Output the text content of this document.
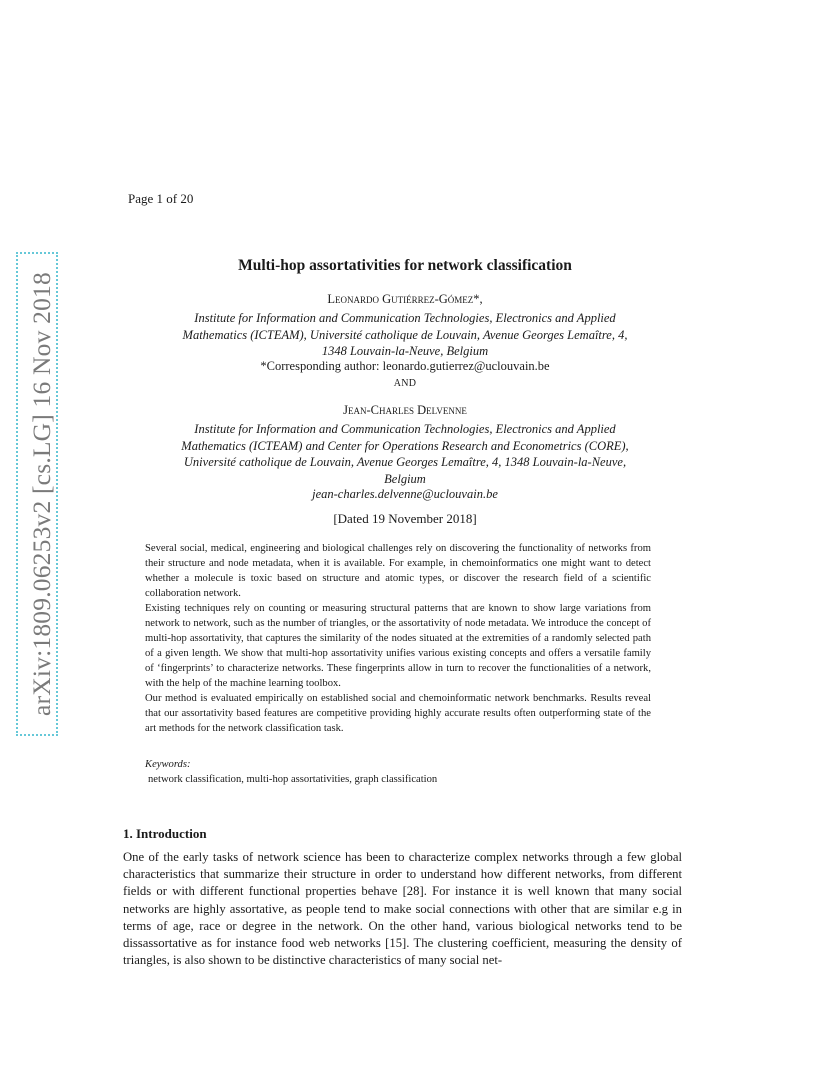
arXiv:1809.06253v2 [cs.LG] 16 Nov 2018
Page 1 of 20
Multi-hop assortativities for network classification
Leonardo Gutiérrez-Gómez*,
Institute for Information and Communication Technologies, Electronics and Applied
Mathematics (ICTEAM), Université catholique de Louvain, Avenue Georges Lemaître, 4,
1348 Louvain-la-Neuve, Belgium
*Corresponding author: leonardo.gutierrez@uclouvain.be
AND
Jean-Charles Delvenne
Institute for Information and Communication Technologies, Electronics and Applied
Mathematics (ICTEAM) and Center for Operations Research and Econometrics (CORE),
Université catholique de Louvain, Avenue Georges Lemaître, 4, 1348 Louvain-la-Neuve,
Belgium
jean-charles.delvenne@uclouvain.be
[Dated 19 November 2018]

Several social, medical, engineering and biological challenges rely on discovering the functionality of networks from their structure and node metadata, when it is available. For example, in chemoinformatics one might want to detect whether a molecule is toxic based on structure and atomic types, or discover the research field of a scientific collaboration network.

Existing techniques rely on counting or measuring structural patterns that are known to show large variations from network to network, such as the number of triangles, or the assortativity of node metadata. We introduce the concept of multi-hop assortativity, that captures the similarity of the nodes situated at the extremities of a randomly selected path of a given length. We show that multi-hop assortativity unifies various existing concepts and offers a versatile family of ‘fingerprints’ to characterize networks. These fingerprints allow in turn to recover the functionalities of a network, with the help of the machine learning toolbox.

Our method is evaluated empirically on established social and chemoinformatic network benchmarks. Results reveal that our assortativity based features are competitive providing highly accurate results often outperforming state of the art methods for the network classification task.

Keywords:
network classification, multi-hop assortativities, graph classification
1. Introduction

One of the early tasks of network science has been to characterize complex networks through a few global characteristics that summarize their structure in order to understand how different networks, from different fields or with different functional properties behave [28]. For instance it is well known that many social networks are highly assortative, as people tend to make social connections with other that are similar e.g in terms of age, race or degree in the network. On the other hand, various biological networks tend to be dissassortative as for instance food web networks [15]. The clustering coefficient, measuring the density of triangles, is also shown to be distinctive characteristics of many social net-
